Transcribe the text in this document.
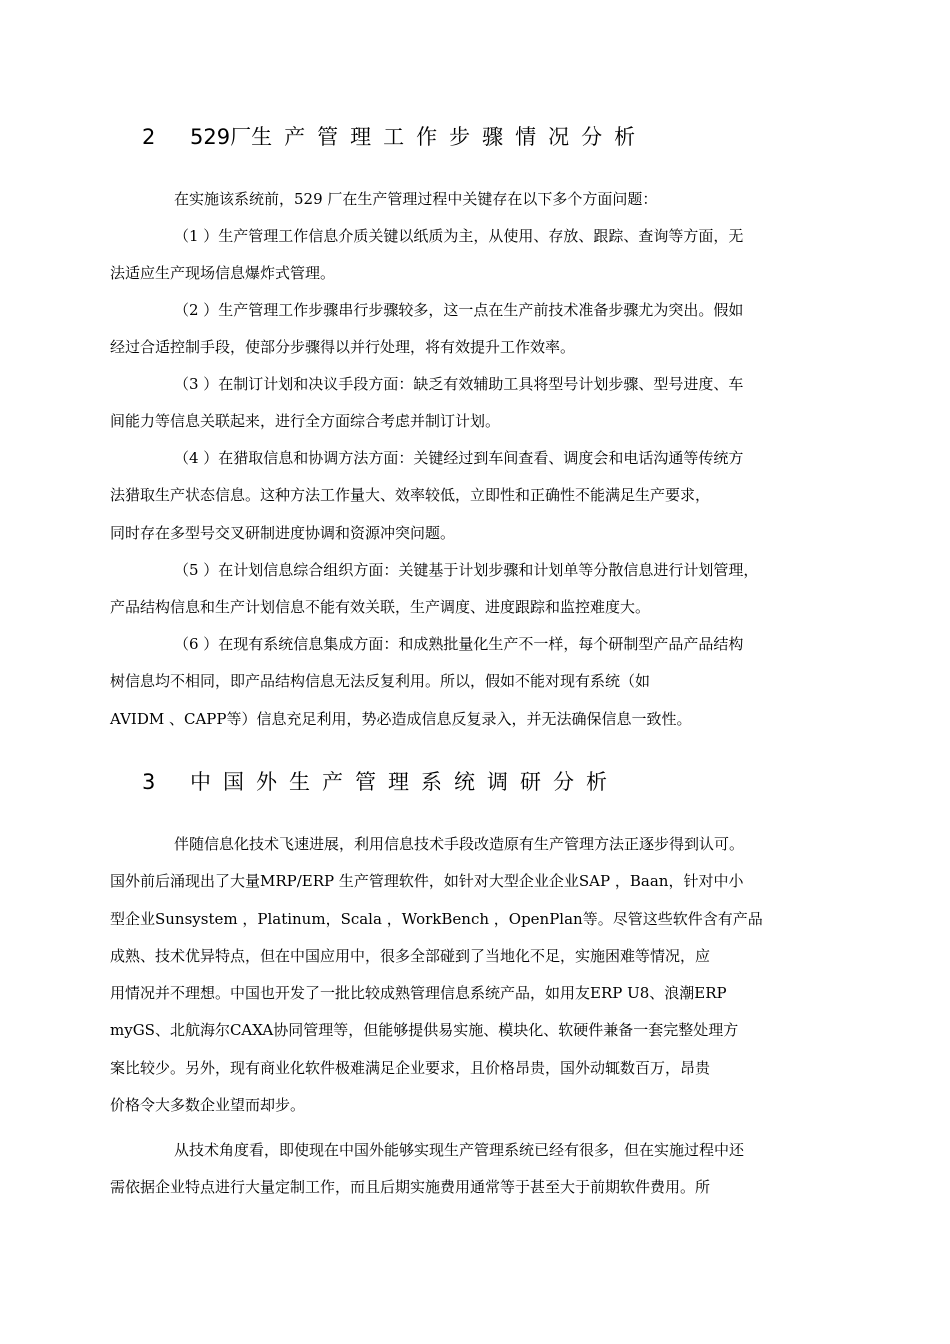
2 529厂生产管理工作步骤情况分析
在实施该系统前，529 厂在生产管理过程中关键存在以下多个方面问题：
（1 ）生产管理工作信息介质关键以纸质为主，从使用、存放、跟踪、查询等方面，无
法适应生产现场信息爆炸式管理。
（2 ）生产管理工作步骤串行步骤较多，这一点在生产前技术准备步骤尤为突出。假如
经过合适控制手段，使部分步骤得以并行处理，将有效提升工作效率。
（3 ）在制订计划和决议手段方面：缺乏有效辅助工具将型号计划步骤、型号进度、车
间能力等信息关联起来，进行全方面综合考虑并制订计划。
（4 ）在猎取信息和协调方法方面：关键经过到车间查看、调度会和电话沟通等传统方
法猎取生产状态信息。这种方法工作量大、效率较低，立即性和正确性不能满足生产要求，
同时存在多型号交叉研制进度协调和资源冲突问题。
（5 ）在计划信息综合组织方面：关键基于计划步骤和计划单等分散信息进行计划管理，
产品结构信息和生产计划信息不能有效关联，生产调度、进度跟踪和监控难度大。
（6 ）在现有系统信息集成方面：和成熟批量化生产不一样，每个研制型产品产品结构
树信息均不相同，即产品结构信息无法反复利用。所以，假如不能对现有系统（如
AVIDM 、CAPP等）信息充足利用，势必造成信息反复录入，并无法确保信息一致性。
3 中国外生产管理系统调研分析
伴随信息化技术飞速进展，利用信息技术手段改造原有生产管理方法正逐步得到认可。
国外前后涌现出了大量MRP/ERP 生产管理软件，如针对大型企业企业SAP ，Baan，针对中小
型企业Sunsystem ，Platinum，Scala ，WorkBench ，OpenPlan等。尽管这些软件含有产品
成熟、技术优异特点，但在中国应用中，很多全部碰到了当地化不足，实施困难等情况，应
用情况并不理想。中国也开发了一批比较成熟管理信息系统产品，如用友ERP U8、浪潮ERP
myGS、北航海尔CAXA协同管理等，但能够提供易实施、模块化、软硬件兼备一套完整处理方
案比较少。另外，现有商业化软件极难满足企业要求，且价格昂贵，国外动辄数百万，昂贵
价格令大多数企业望而却步。
从技术角度看，即使现在中国外能够实现生产管理系统已经有很多，但在实施过程中还
需依据企业特点进行大量定制工作，而且后期实施费用通常等于甚至大于前期软件费用。所
